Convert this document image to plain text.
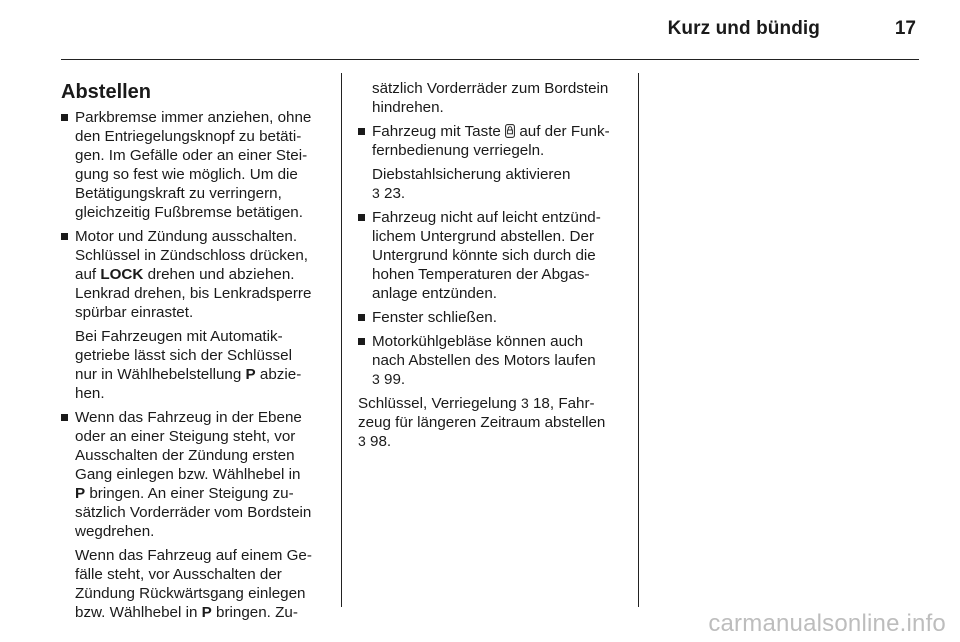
Kurz und bündig	17
Abstellen
Parkbremse immer anziehen, ohne
den Entriegelungsknopf zu betäti-
gen. Im Gefälle oder an einer Stei-
gung so fest wie möglich. Um die
Betätigungskraft zu verringern,
gleichzeitig Fußbremse betätigen.
Motor und Zündung ausschalten.
Schlüssel in Zündschloss drücken,
auf LOCK drehen und abziehen.
Lenkrad drehen, bis Lenkradsperre
spürbar einrastet.
Bei Fahrzeugen mit Automatik-
getriebe lässt sich der Schlüssel
nur in Wählhebelstellung P abzie-
hen.
Wenn das Fahrzeug in der Ebene
oder an einer Steigung steht, vor
Ausschalten der Zündung ersten
Gang einlegen bzw. Wählhebel in
P bringen. An einer Steigung zu-
sätzlich Vorderräder vom Bordstein
wegdrehen.
Wenn das Fahrzeug auf einem Ge-
fälle steht, vor Ausschalten der
Zündung Rückwärtsgang einlegen
bzw. Wählhebel in P bringen. Zu-
sätzlich Vorderräder zum Bordstein
hindrehen.
Fahrzeug mit Taste  auf der Funk-
fernbedienung verriegeln.
Diebstahlsicherung aktivieren
3 23.
Fahrzeug nicht auf leicht entzünd-
lichem Untergrund abstellen. Der
Untergrund könnte sich durch die
hohen Temperaturen der Abgas-
anlage entzünden.
Fenster schließen.
Motorkühlgebläse können auch
nach Abstellen des Motors laufen
3 99.
Schlüssel, Verriegelung 3 18, Fahr-
zeug für längeren Zeitraum abstellen
3 98.
carmanualsonline.info
